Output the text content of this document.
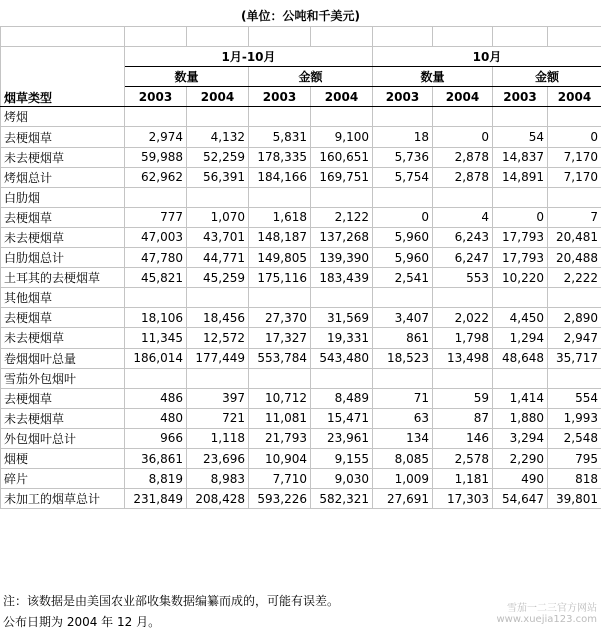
(单位：公吨和千美元)

烟草类型	1月-10月				10月			
	数量		金额		数量		金额	
	2003	2004	2003	2004	2003	2004	2003	2004
烤烟								
去梗烟草	2,974	4,132	5,831	9,100	18	0	54	0
未去梗烟草	59,988	52,259	178,335	160,651	5,736	2,878	14,837	7,170
烤烟总计	62,962	56,391	184,166	169,751	5,754	2,878	14,891	7,170
白肋烟								
去梗烟草	777	1,070	1,618	2,122	0	4	0	7
未去梗烟草	47,003	43,701	148,187	137,268	5,960	6,243	17,793	20,481
白肋烟总计	47,780	44,771	149,805	139,390	5,960	6,247	17,793	20,488
土耳其的去梗烟草	45,821	45,259	175,116	183,439	2,541	553	10,220	2,222
其他烟草								
去梗烟草	18,106	18,456	27,370	31,569	3,407	2,022	4,450	2,890
未去梗烟草	11,345	12,572	17,327	19,331	861	1,798	1,294	2,947
卷烟烟叶总量	186,014	177,449	553,784	543,480	18,523	13,498	48,648	35,717
雪茄外包烟叶								
去梗烟草	486	397	10,712	8,489	71	59	1,414	554
未去梗烟草	480	721	11,081	15,471	63	87	1,880	1,993
外包烟叶总计	966	1,118	21,793	23,961	134	146	3,294	2,548
烟梗	36,861	23,696	10,904	9,155	8,085	2,578	2,290	795
碎片	8,819	8,983	7,710	9,030	1,009	1,181	490	818
未加工的烟草总计	231,849	208,428	593,226	582,321	27,691	17,303	54,647	39,801
注：该数据是由美国农业部收集数据编纂而成的，可能有误差。
公布日期为 2004 年 12 月。
雪茄一二三官方网站
www.xuejia123.com
